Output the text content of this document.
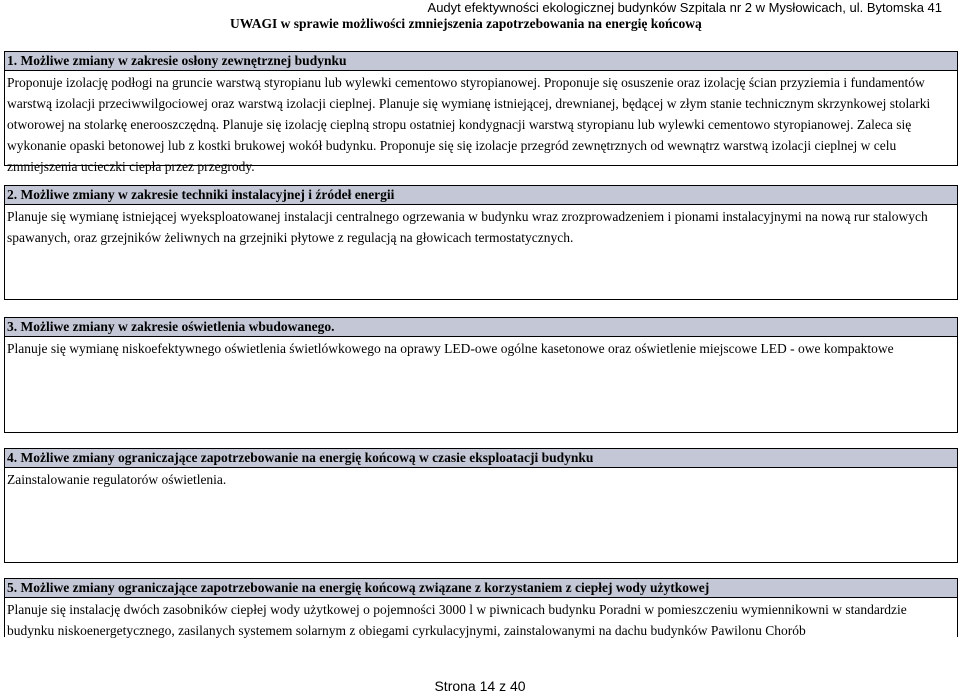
Audyt efektywności ekologicznej budynków Szpitala nr 2 w Mysłowicach, ul. Bytomska 41
UWAGI w sprawie możliwości zmniejszenia zapotrzebowania na energię końcową
1. Możliwe zmiany w zakresie osłony zewnętrznej budynku
Proponuje izolację podłogi na gruncie warstwą styropianu lub wylewki cementowo styropianowej. Proponuje się osuszenie oraz izolację ścian przyziemia i fundamentów warstwą izolacji przeciwwilgociowej oraz warstwą izolacji cieplnej. Planuje się wymianę istniejącej, drewnianej, będącej w złym stanie technicznym skrzynkowej stolarki otworowej na stolarkę enerooszczędną. Planuje się izolację cieplną stropu ostatniej kondygnacji warstwą styropianu lub wylewki cementowo styropianowej. Zaleca się wykonanie opaski betonowej lub z kostki brukowej wokół budynku. Proponuje się się izolacje przegród zewnętrznych od wewnątrz warstwą izolacji cieplnej w celu zmniejszenia ucieczki ciepła przez przegrody.
2. Możliwe zmiany w zakresie techniki instalacyjnej i źródeł energii
Planuje się wymianę istniejącej wyeksploatowanej instalacji centralnego ogrzewania w budynku wraz zrozprowadzeniem i pionami instalacyjnymi na nową rur stalowych spawanych, oraz grzejników żeliwnych na grzejniki płytowe z regulacją na głowicach termostatycznych.
3. Możliwe zmiany w zakresie oświetlenia wbudowanego.
Planuje się wymianę niskoefektywnego oświetlenia świetlówkowego na oprawy LED-owe ogólne kasetonowe oraz oświetlenie miejscowe LED - owe kompaktowe
4. Możliwe zmiany ograniczające zapotrzebowanie na energię końcową w czasie eksploatacji budynku
Zainstalowanie regulatorów oświetlenia.
5. Możliwe zmiany ograniczające zapotrzebowanie na energię końcową związane z korzystaniem z ciepłej wody użytkowej
Planuje się instalację dwóch zasobników ciepłej wody użytkowej o pojemności 3000 l w piwnicach budynku Poradni w pomieszczeniu wymiennikowni w standardzie budynku niskoenergetycznego, zasilanych systemem solarnym z obiegami cyrkulacyjnymi, zainstalowanymi na dachu budynków Pawilonu Chorób
Strona 14 z 40
